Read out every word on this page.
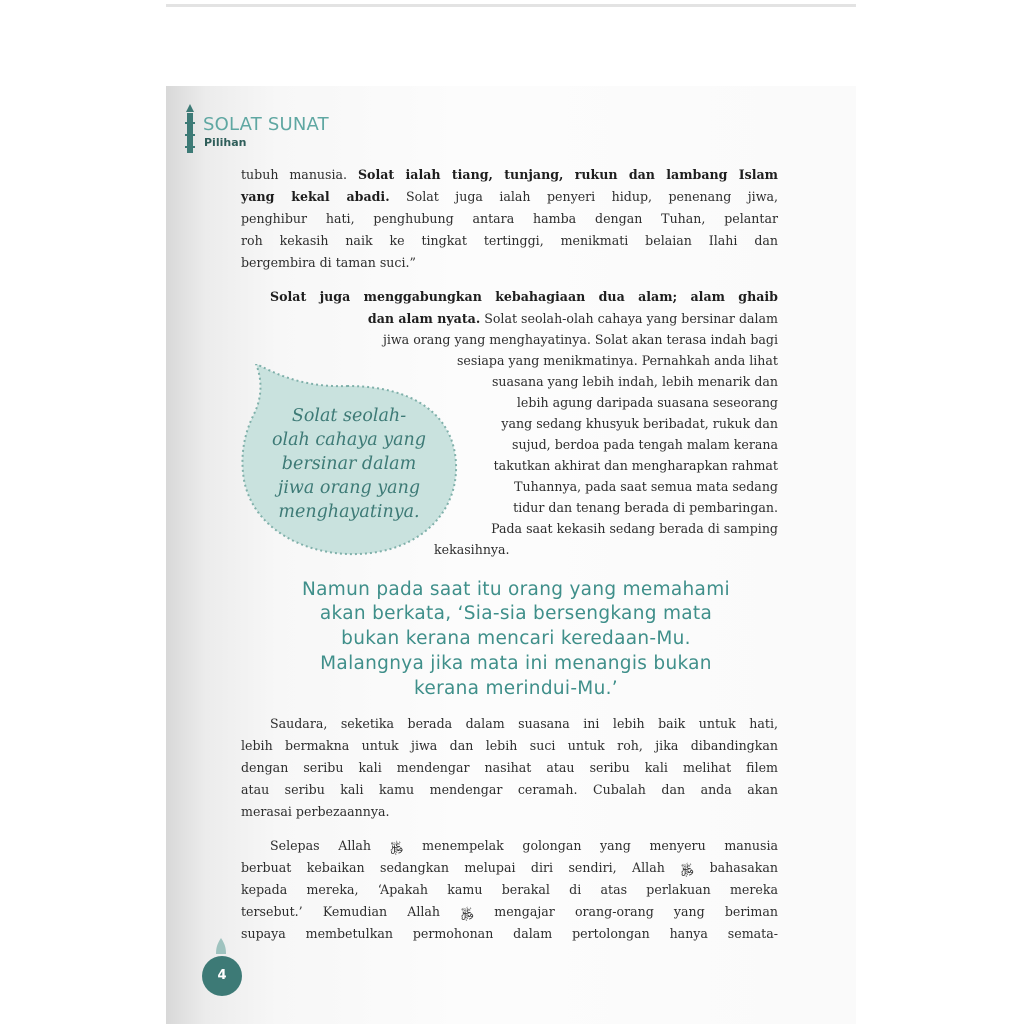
SOLAT SUNAT
Pilihan
tubuh manusia. Solat ialah tiang, tunjang, rukun dan lambang Islam
yang kekal abadi. Solat juga ialah penyeri hidup, penenang jiwa,
penghibur hati, penghubung antara hamba dengan Tuhan, pelantar
roh kekasih naik ke tingkat tertinggi, menikmati belaian Ilahi dan
bergembira di taman suci.”
Solat juga menggabungkan kebahagiaan dua alam; alam ghaib
dan alam nyata. Solat seolah-olah cahaya yang bersinar dalam
jiwa orang yang menghayatinya. Solat akan terasa indah bagi
sesiapa yang menikmatinya. Pernahkah anda lihat
suasana yang lebih indah, lebih menarik dan
lebih agung daripada suasana seseorang
yang sedang khusyuk beribadat, rukuk dan
sujud, berdoa pada tengah malam kerana
takutkan akhirat dan mengharapkan rahmat
Tuhannya, pada saat semua mata sedang
tidur dan tenang berada di pembaringan.
Pada saat kekasih sedang berada di samping
kekasihnya.
Solat seolah-
olah cahaya yang
bersinar dalam
jiwa orang yang
menghayatinya.
Namun pada saat itu orang yang memahami
akan berkata, ‘Sia-sia bersengkang mata
bukan kerana mencari keredaan-Mu.
Malangnya jika mata ini menangis bukan
kerana merindui-Mu.’
Saudara, seketika berada dalam suasana ini lebih baik untuk hati,
lebih bermakna untuk jiwa dan lebih suci untuk roh, jika dibandingkan
dengan seribu kali mendengar nasihat atau seribu kali melihat filem
atau seribu kali kamu mendengar ceramah. Cubalah dan anda akan
merasai perbezaannya.
Selepas Allah ﷿ menempelak golongan yang menyeru manusia
berbuat kebaikan sedangkan melupai diri sendiri, Allah ﷿ bahasakan
kepada mereka, ‘Apakah kamu berakal di atas perlakuan mereka
tersebut.’ Kemudian Allah ﷿ mengajar orang-orang yang beriman
supaya membetulkan permohonan dalam pertolongan hanya semata-
4
